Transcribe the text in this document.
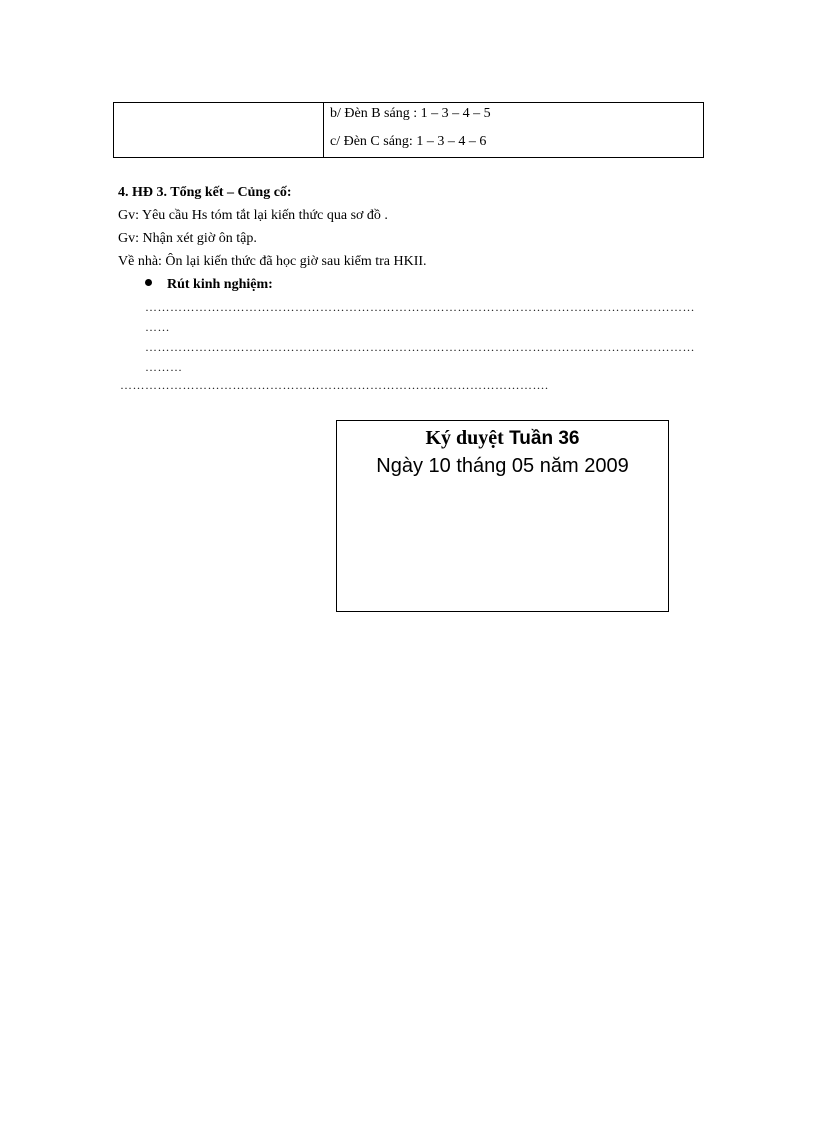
b/ Đèn B sáng : 1 – 3 – 4 – 5
c/ Đèn C sáng: 1 – 3 – 4 – 6
4. HĐ 3. Tổng kết – Củng cố:
Gv: Yêu cầu Hs tóm tắt lại kiến thức qua sơ đồ .
Gv: Nhận xét giờ ôn tập.
Về nhà: Ôn lại kiến thức đã học giờ sau kiểm tra HKII.
Rút kinh nghiệm:
……………………………………………………………………………………………………………………
……
……………………………………………………………………………………………………………………
………
………………………………………………………………………………………….
Ký duyệt Tuần 36
Ngày 10 tháng 05 năm 2009
